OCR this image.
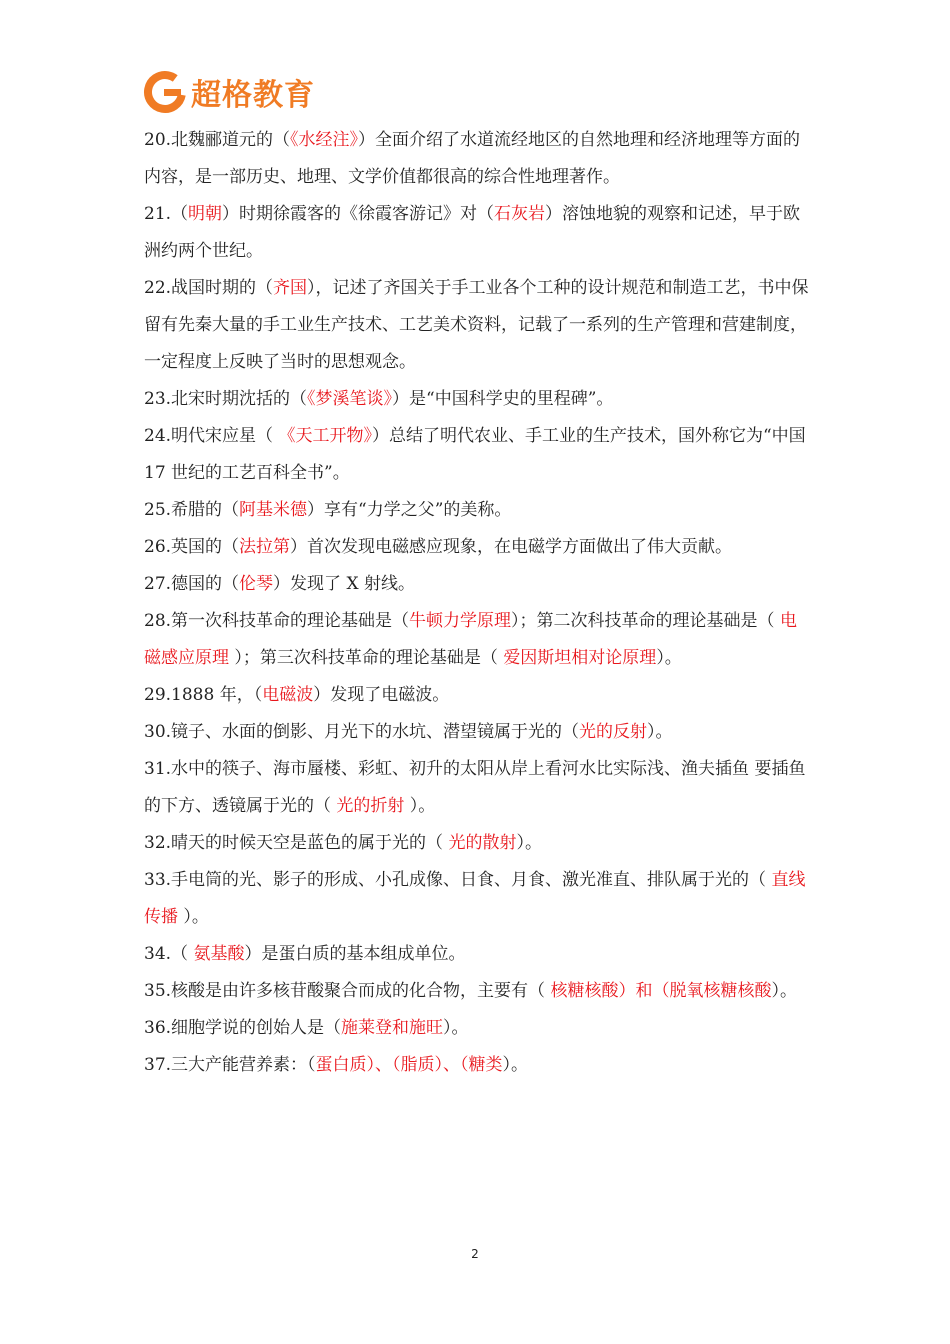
超格教育
20.北魏郦道元的（《水经注》）全面介绍了水道流经地区的自然地理和经济地理等方面的内容，是一部历史、地理、文学价值都很高的综合性地理著作。
21.（明朝）时期徐霞客的《徐霞客游记》对（石灰岩）溶蚀地貌的观察和记述，早于欧洲约两个世纪。
22.战国时期的（齐国），记述了齐国关于手工业各个工种的设计规范和制造工艺，书中保留有先秦大量的手工业生产技术、工艺美术资料，记载了一系列的生产管理和营建制度，一定程度上反映了当时的思想观念。
23.北宋时期沈括的（《梦溪笔谈》）是“中国科学史的里程碑”。
24.明代宋应星（ 《天工开物》）总结了明代农业、手工业的生产技术，国外称它为“中国 17 世纪的工艺百科全书”。
25.希腊的（阿基米德）享有“力学之父”的美称。
26.英国的（法拉第）首次发现电磁感应现象，在电磁学方面做出了伟大贡献。
27.德国的（伦琴）发现了 X 射线。
28.第一次科技革命的理论基础是（牛顿力学原理）；第二次科技革命的理论基础是（ 电磁感应原理 ）；第三次科技革命的理论基础是（ 爱因斯坦相对论原理）。
29.1888 年，（电磁波）发现了电磁波。
30.镜子、水面的倒影、月光下的水坑、潜望镜属于光的（光的反射）。
31.水中的筷子、海市蜃楼、彩虹、初升的太阳从岸上看河水比实际浅、渔夫插鱼 要插鱼的下方、透镜属于光的（ 光的折射 ）。
32.晴天的时候天空是蓝色的属于光的（ 光的散射）。
33.手电筒的光、影子的形成、小孔成像、日食、月食、激光准直、排队属于光的（ 直线传播 ）。
34.（ 氨基酸）是蛋白质的基本组成单位。
35.核酸是由许多核苷酸聚合而成的化合物，主要有（ 核糖核酸）和（脱氧核糖核酸）。
36.细胞学说的创始人是（施莱登和施旺）。
37.三大产能营养素：（蛋白质）、（脂质）、（糖类）。
2
